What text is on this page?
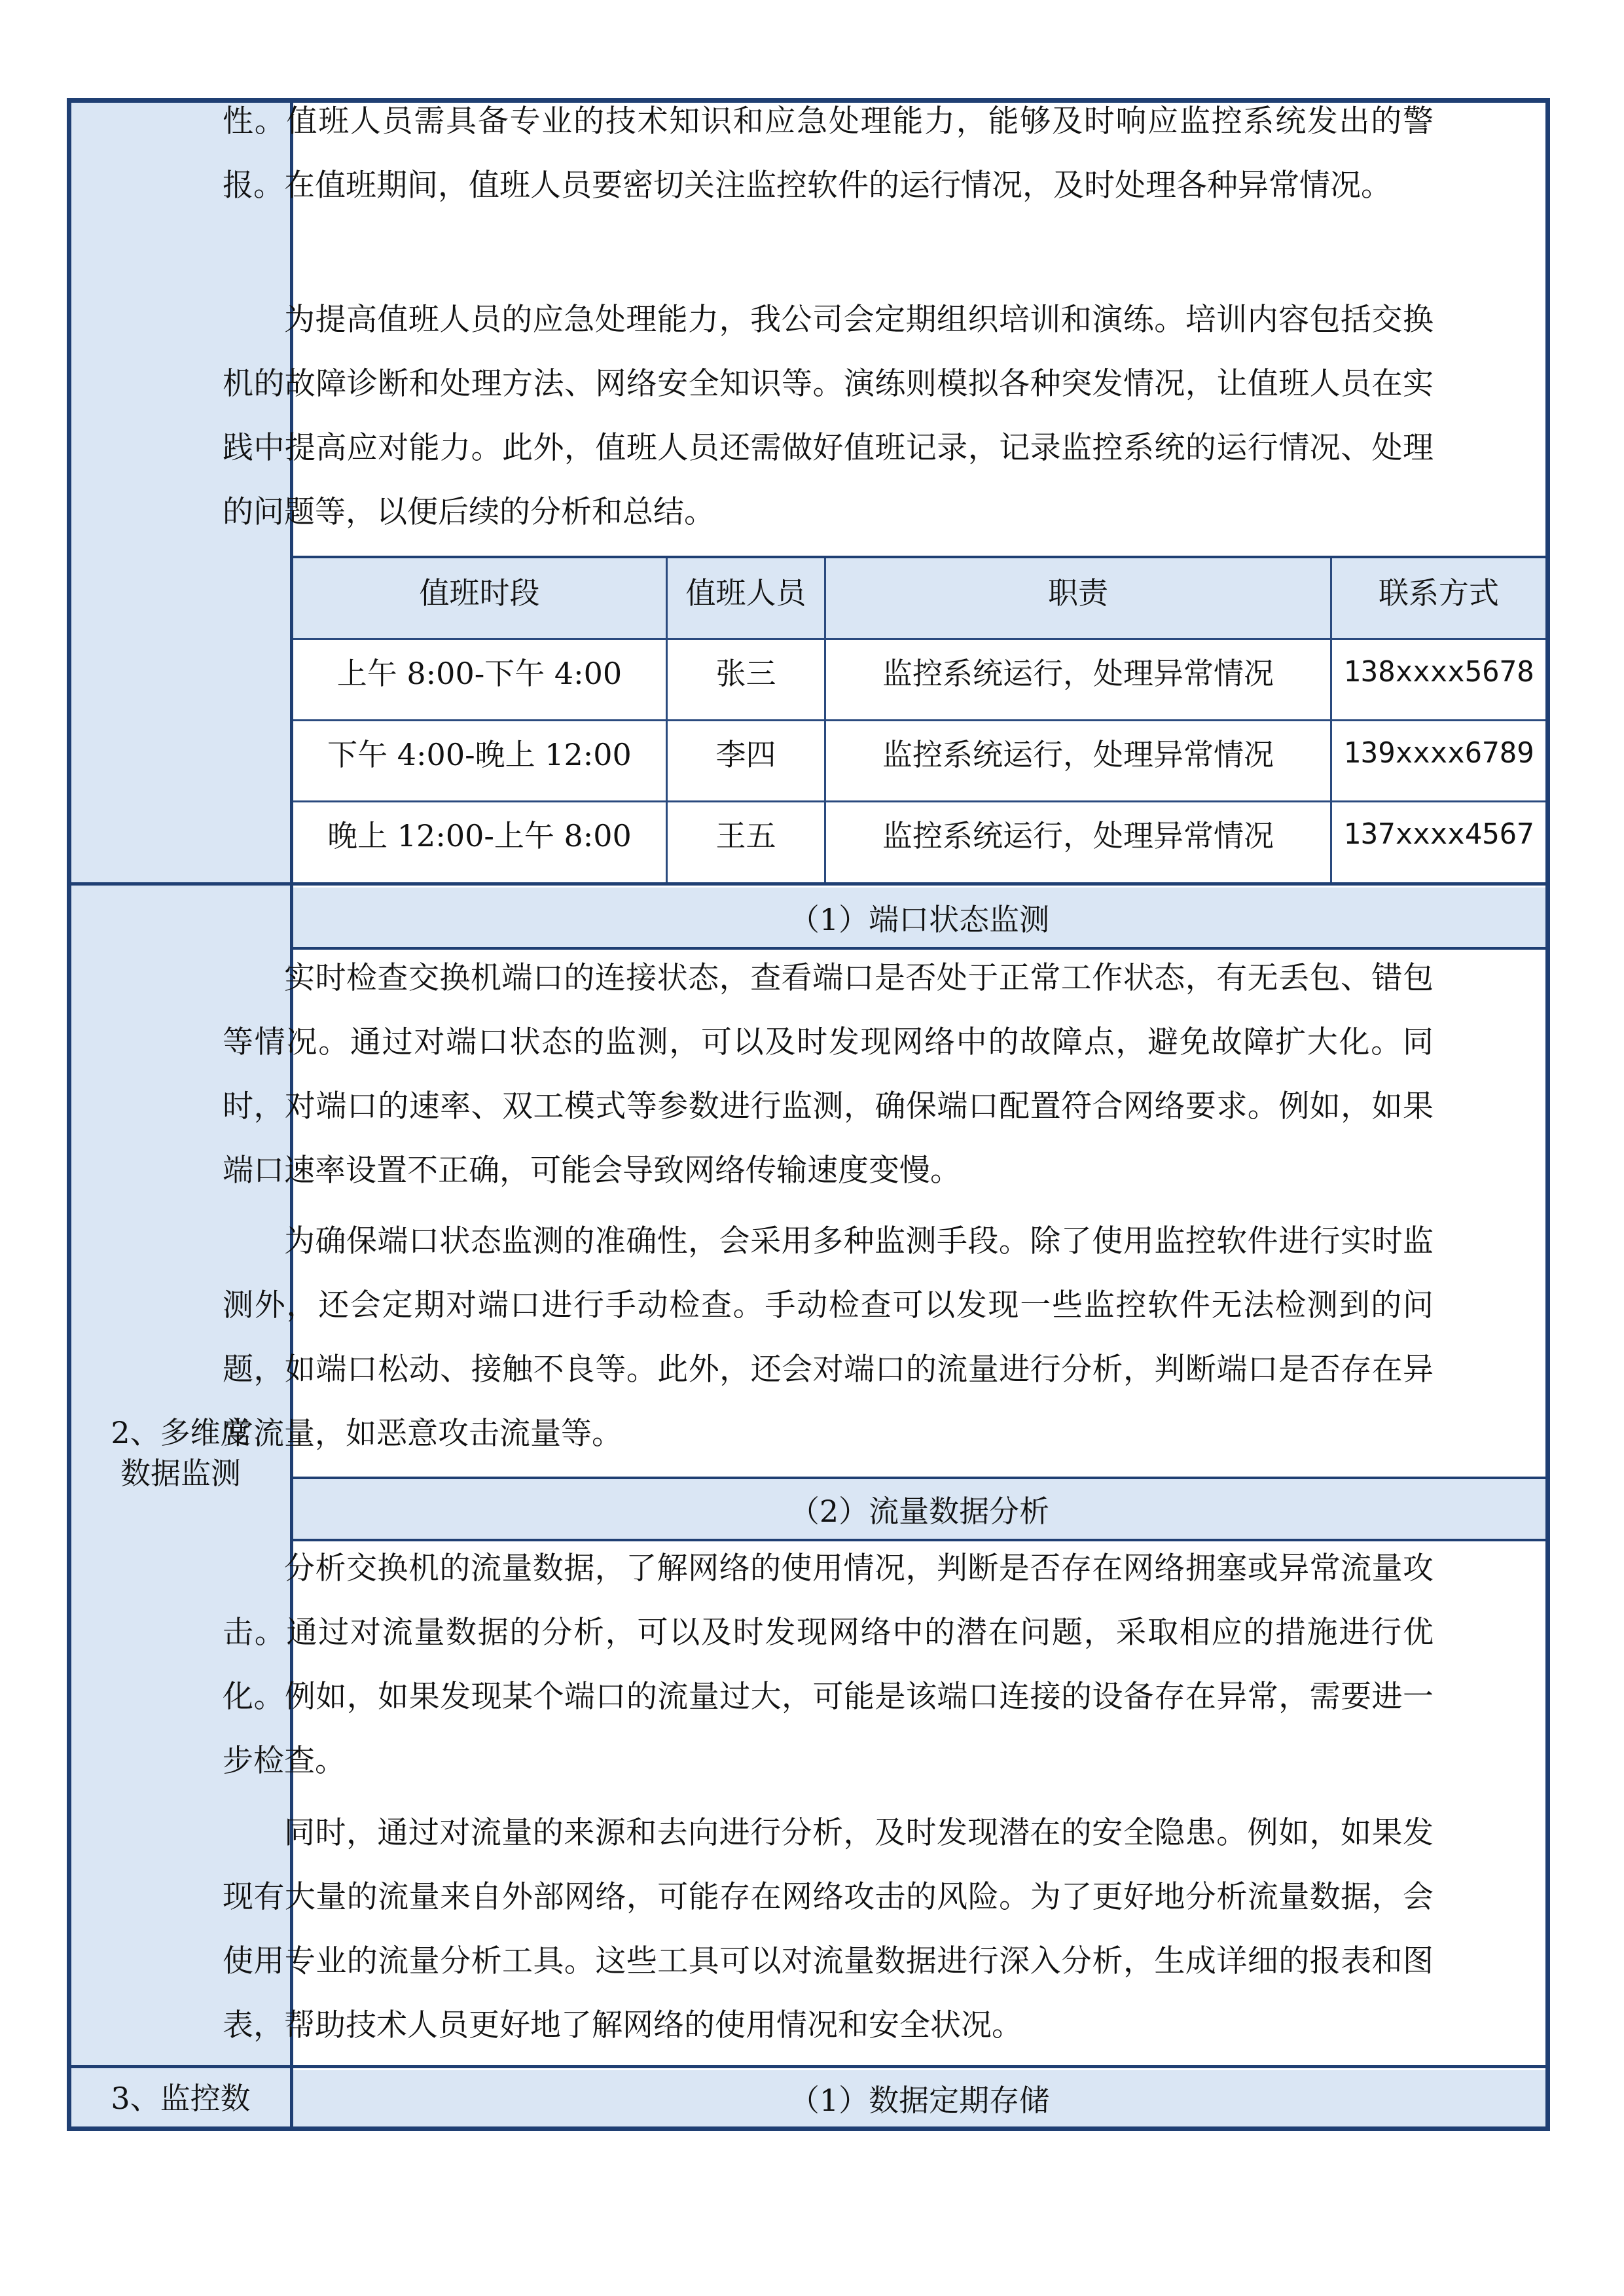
性。值班人员需具备专业的技术知识和应急处理能力，能够及时响应监控系统发出的警报。在值班期间，值班人员要密切关注监控软件的运行情况，及时处理各种异常情况。

为提高值班人员的应急处理能力，我公司会定期组织培训和演练。培训内容包括交换机的故障诊断和处理方法、网络安全知识等。演练则模拟各种突发情况，让值班人员在实践中提高应对能力。此外，值班人员还需做好值班记录，记录监控系统的运行情况、处理的问题等，以便后续的分析和总结。

值班时段	值班人员	职责	联系方式
上午 8:00-下午 4:00	张三	监控系统运行，处理异常情况	138xxxx5678
下午 4:00-晚上 12:00	李四	监控系统运行，处理异常情况	139xxxx6789
晚上 12:00-上午 8:00	王五	监控系统运行，处理异常情况	137xxxx4567
2、多维度
数据监测
（1）端口状态监测

实时检查交换机端口的连接状态，查看端口是否处于正常工作状态，有无丢包、错包等情况。通过对端口状态的监测，可以及时发现网络中的故障点，避免故障扩大化。同时，对端口的速率、双工模式等参数进行监测，确保端口配置符合网络要求。例如，如果端口速率设置不正确，可能会导致网络传输速度变慢。

为确保端口状态监测的准确性，会采用多种监测手段。除了使用监控软件进行实时监测外，还会定期对端口进行手动检查。手动检查可以发现一些监控软件无法检测到的问题，如端口松动、接触不良等。此外，还会对端口的流量进行分析，判断端口是否存在异常流量，如恶意攻击流量等。

（2）流量数据分析

分析交换机的流量数据，了解网络的使用情况，判断是否存在网络拥塞或异常流量攻击。通过对流量数据的分析，可以及时发现网络中的潜在问题，采取相应的措施进行优化。例如，如果发现某个端口的流量过大，可能是该端口连接的设备存在异常，需要进一步检查。

同时，通过对流量的来源和去向进行分析，及时发现潜在的安全隐患。例如，如果发现有大量的流量来自外部网络，可能存在网络攻击的风险。为了更好地分析流量数据，会使用专业的流量分析工具。这些工具可以对流量数据进行深入分析，生成详细的报表和图表，帮助技术人员更好地了解网络的使用情况和安全状况。

3、监控数	（1）数据定期存储
